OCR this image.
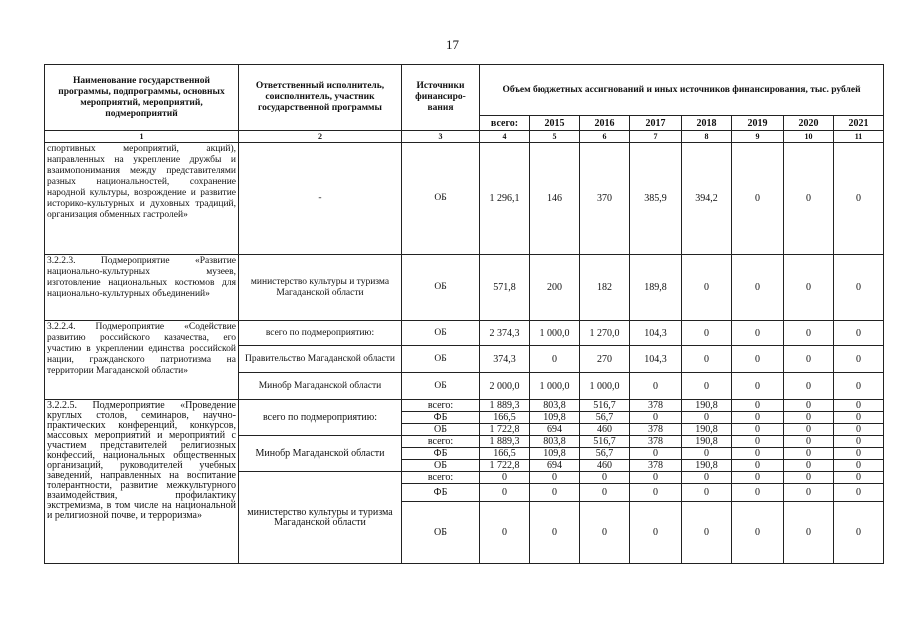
17
Наименование государственной программы, подпрограммы, основных мероприятий, мероприятий, подмероприятий	Ответственный исполнитель, соисполнитель, участник государственной программы	Источники финансиро-вания	Объем бюджетных ассигнований и иных источников финансирования, тыс. рублей							
			всего:	2015	2016	2017	2018	2019	2020	2021
1	2	3	4	5	6	7	8	9	10	11
спортивных мероприятий, акций), направленных на укрепление дружбы и взаимопонимания между представителями разных национальностей, сохранение народной культуры, возрождение и развитие историко-культурных и духовных традиций, организация обменных гастролей»	-	ОБ	1 296,1	146	370	385,9	394,2	0	0	0
3.2.2.3. Подмероприятие «Развитие национально-культурных музеев, изготовление национальных костюмов для национально-культурных объединений»	министерство культуры и туризма Магаданской области	ОБ	571,8	200	182	189,8	0	0	0	0
3.2.2.4. Подмероприятие «Содействие развитию российского казачества, его участию в укреплении единства российской нации, гражданского патриотизма на территории Магаданской области»	всего по подмероприятию:	ОБ	2 374,3	1 000,0	1 270,0	104,3	0	0	0	0
	Правительство Магаданской области	ОБ	374,3	0	270	104,3	0	0	0	0
	Минобр Магаданской области	ОБ	2 000,0	1 000,0	1 000,0	0	0	0	0	0
3.2.2.5. Подмероприятие «Проведение круглых столов, семинаров, научно-практических конференций, конкурсов, массовых мероприятий и мероприятий с участием представителей религиозных конфессий, национальных общественных организаций, руководителей учебных заведений, направленных на воспитание толерантности, развитие межкультурного взаимодействия, профилактику экстремизма, в том числе на национальной и религиозной почве, и терроризма»	всего по подмероприятию:	всего:	1 889,3	803,8	516,7	378	190,8	0	0	0
		ФБ	166,5	109,8	56,7	0	0	0	0	0
		ОБ	1 722,8	694	460	378	190,8	0	0	0
	Минобр Магаданской области	всего:	1 889,3	803,8	516,7	378	190,8	0	0	0
		ФБ	166,5	109,8	56,7	0	0	0	0	0
		ОБ	1 722,8	694	460	378	190,8	0	0	0
	министерство культуры и туризма Магаданской области	всего:	0	0	0	0	0	0	0	0
		ФБ	0	0	0	0	0	0	0	0
		ОБ	0	0	0	0	0	0	0	0
